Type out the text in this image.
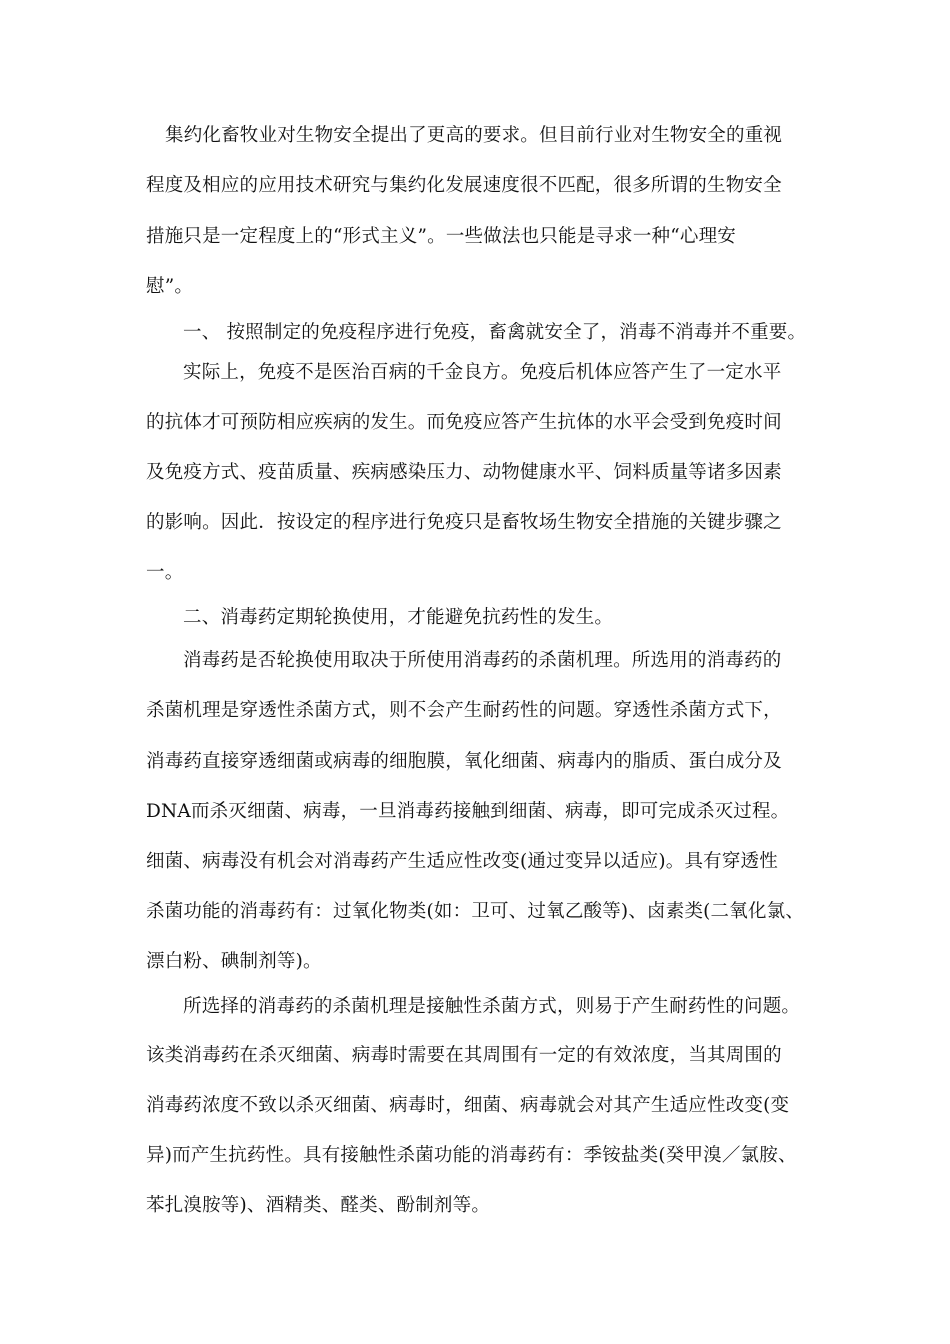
集约化畜牧业对生物安全提出了更高的要求。但目前行业对生物安全的重视
程度及相应的应用技术研究与集约化发展速度很不匹配，很多所谓的生物安全
措施只是一定程度上的“形式主义”。一些做法也只能是寻求一种“心理安
慰”。
一、 按照制定的免疫程序进行免疫，畜禽就安全了，消毒不消毒并不重要。
实际上，免疫不是医治百病的千金良方。免疫后机体应答产生了一定水平
的抗体才可预防相应疾病的发生。而免疫应答产生抗体的水平会受到免疫时间
及免疫方式、疫苗质量、疾病感染压力、动物健康水平、饲料质量等诸多因素
的影响。因此．按设定的程序进行免疫只是畜牧场生物安全措施的关键步骤之
一。
二、消毒药定期轮换使用，才能避免抗药性的发生。
消毒药是否轮换使用取决于所使用消毒药的杀菌机理。所选用的消毒药的
杀菌机理是穿透性杀菌方式，则不会产生耐药性的问题。穿透性杀菌方式下，
消毒药直接穿透细菌或病毒的细胞膜，氧化细菌、病毒内的脂质、蛋白成分及
DNA而杀灭细菌、病毒，一旦消毒药接触到细菌、病毒，即可完成杀灭过程。
细菌、病毒没有机会对消毒药产生适应性改变(通过变异以适应)。具有穿透性
杀菌功能的消毒药有：过氧化物类(如：卫可、过氧乙酸等)、卤素类(二氧化氯、
漂白粉、碘制剂等)。
所选择的消毒药的杀菌机理是接触性杀菌方式，则易于产生耐药性的问题。
该类消毒药在杀灭细菌、病毒时需要在其周围有一定的有效浓度，当其周围的
消毒药浓度不致以杀灭细菌、病毒时，细菌、病毒就会对其产生适应性改变(变
异)而产生抗药性。具有接触性杀菌功能的消毒药有：季铵盐类(癸甲溴／氯胺、
苯扎溴胺等)、酒精类、醛类、酚制剂等。
